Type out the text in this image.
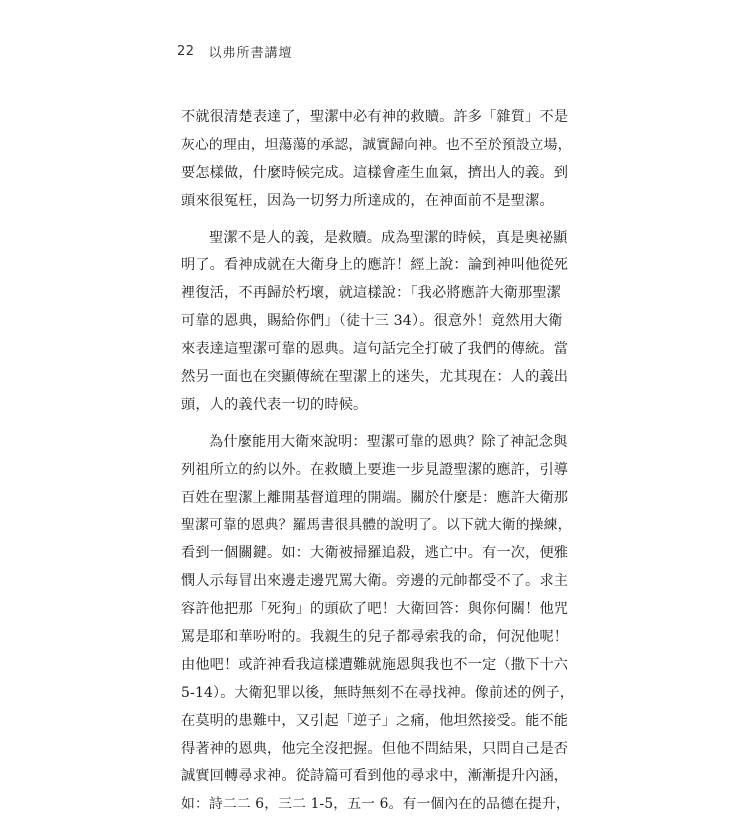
22 以弗所書講壇
不就很清楚表達了，聖潔中必有神的救贖。許多「雜質」不是
灰心的理由，坦蕩蕩的承認，誠實歸向神。也不至於預設立場，
要怎樣做，什麼時候完成。這樣會產生血氣，擠出人的義。到
頭來很冤枉，因為一切努力所達成的，在神面前不是聖潔。
聖潔不是人的義，是救贖。成為聖潔的時候，真是奧祕顯
明了。看神成就在大衛身上的應許！經上說：論到神叫他從死
裡復活，不再歸於朽壞，就這樣說：「我必將應許大衛那聖潔
可靠的恩典，賜給你們」（徒十三 34）。很意外！竟然用大衛
來表達這聖潔可靠的恩典。這句話完全打破了我們的傳統。當
然另一面也在突顯傳統在聖潔上的迷失，尤其現在：人的義出
頭，人的義代表一切的時候。
為什麼能用大衛來說明：聖潔可靠的恩典？除了神記念與
列祖所立的約以外。在救贖上要進一步見證聖潔的應許，引導
百姓在聖潔上離開基督道理的開端。關於什麼是：應許大衛那
聖潔可靠的恩典？羅馬書很具體的說明了。以下就大衛的操練，
看到一個關鍵。如：大衛被掃羅追殺，逃亡中。有一次，便雅
憫人示每冒出來邊走邊咒罵大衛。旁邊的元帥都受不了。求主
容許他把那「死狗」的頭砍了吧！大衛回答：與你何關！他咒
罵是耶和華吩咐的。我親生的兒子都尋索我的命，何況他呢！
由他吧！或許神看我這樣遭難就施恩與我也不一定（撒下十六
5-14）。大衛犯罪以後，無時無刻不在尋找神。像前述的例子，
在莫明的患難中，又引起「逆子」之痛，他坦然接受。能不能
得著神的恩典，他完全沒把握。但他不問結果，只問自己是否
誠實回轉尋求神。從詩篇可看到他的尋求中，漸漸提升內涵，
如：詩二二 6，三二 1-5，五一 6。有一個內在的品德在提升，
